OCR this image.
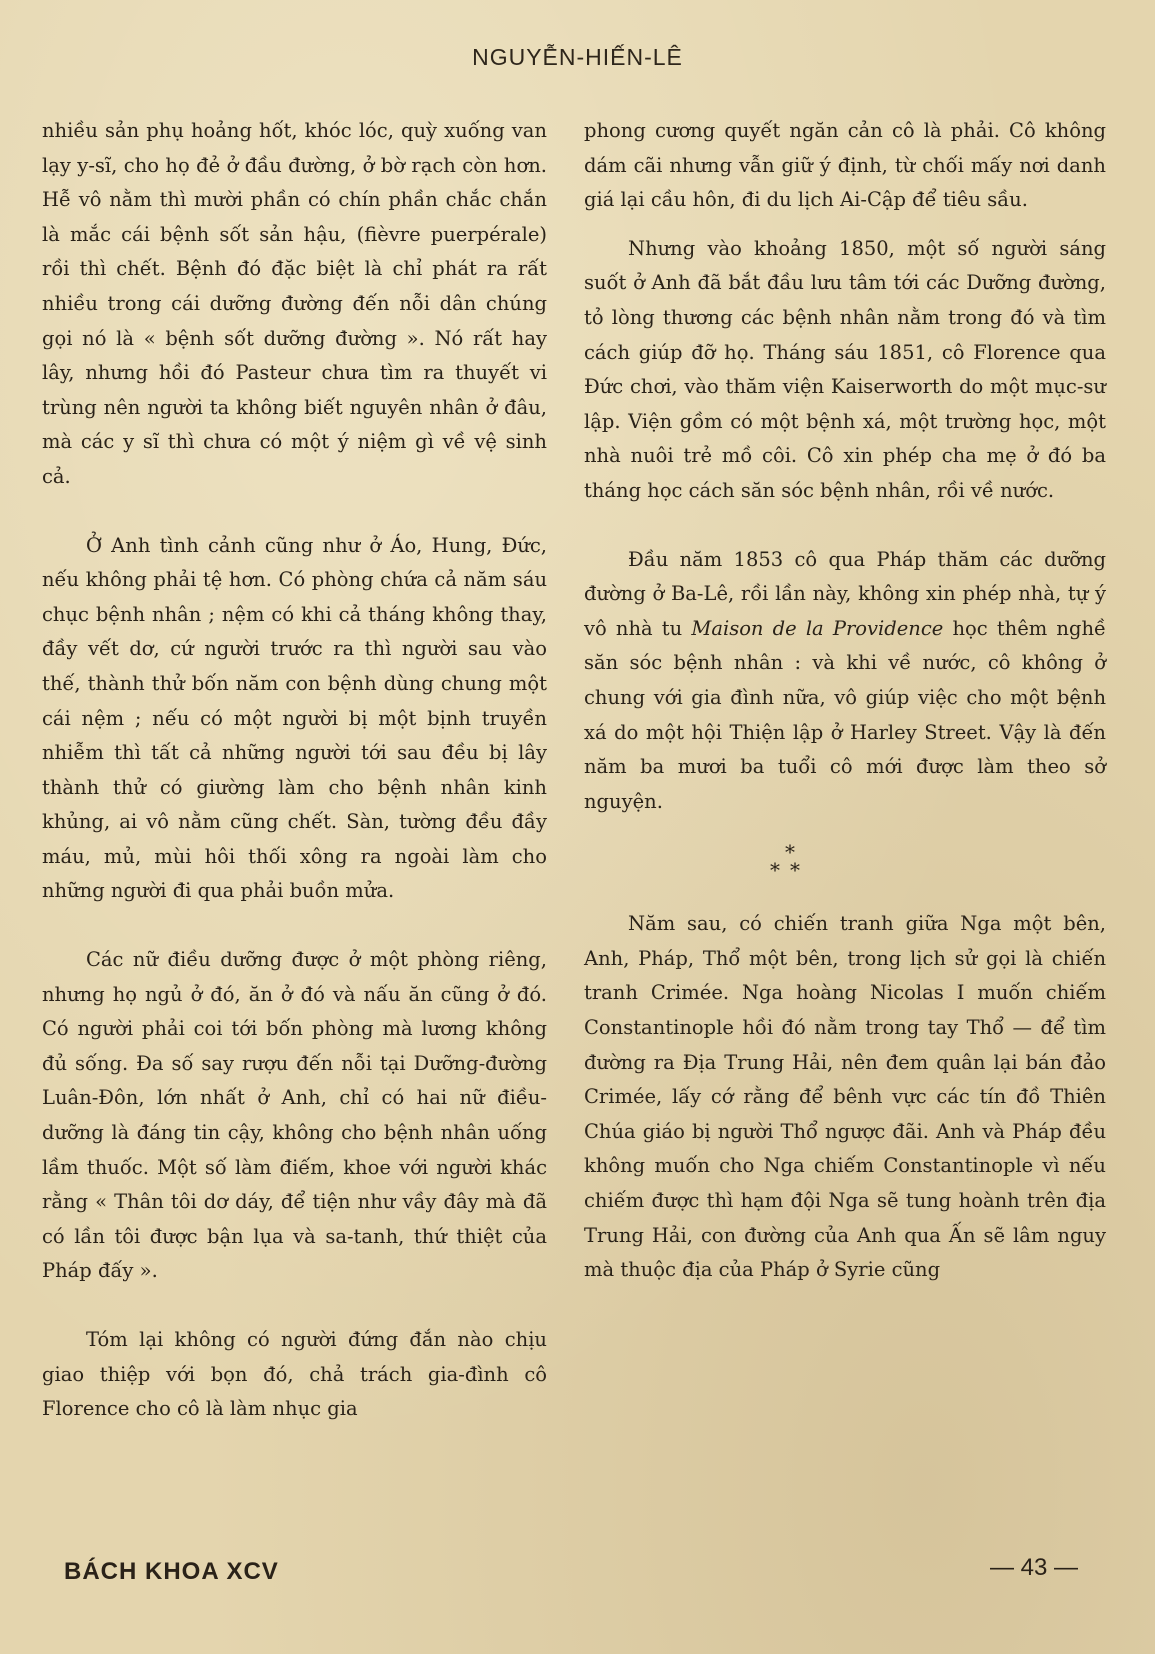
NGUYỄN-HIẾN-LÊ

nhiều sản phụ hoảng hốt, khóc lóc, quỳ xuống van lạy y-sĩ, cho họ đẻ ở đầu đường, ở bờ rạch còn hơn. Hễ vô nằm thì mười phần có chín phần chắc chắn là mắc cái bệnh sốt sản hậu, (fièvre puerpérale) rồi thì chết. Bệnh đó đặc biệt là chỉ phát ra rất nhiều trong cái dưỡng đường đến nỗi dân chúng gọi nó là « bệnh sốt dưỡng đường ». Nó rất hay lây, nhưng hồi đó Pasteur chưa tìm ra thuyết vi trùng nên người ta không biết nguyên nhân ở đâu, mà các y sĩ thì chưa có một ý niệm gì về vệ sinh cả.

Ở Anh tình cảnh cũng như ở Áo, Hung, Đức, nếu không phải tệ hơn. Có phòng chứa cả năm sáu chục bệnh nhân ; nệm có khi cả tháng không thay, đầy vết dơ, cứ người trước ra thì người sau vào thế, thành thử bốn năm con bệnh dùng chung một cái nệm ; nếu có một người bị một bịnh truyền nhiễm thì tất cả những người tới sau đều bị lây thành thử có giường làm cho bệnh nhân kinh khủng, ai vô nằm cũng chết. Sàn, tường đều đầy máu, mủ, mùi hôi thối xông ra ngoài làm cho những người đi qua phải buồn mửa.

Các nữ điều dưỡng được ở một phòng riêng, nhưng họ ngủ ở đó, ăn ở đó và nấu ăn cũng ở đó. Có người phải coi tới bốn phòng mà lương không đủ sống. Đa số say rượu đến nỗi tại Dưỡng-đường Luân-Đôn, lớn nhất ở Anh, chỉ có hai nữ điều-dưỡng là đáng tin cậy, không cho bệnh nhân uống lầm thuốc. Một số làm điếm, khoe với người khác rằng « Thân tôi dơ dáy, để tiện như vầy đây mà đã có lần tôi được bận lụa và sa-tanh, thứ thiệt của Pháp đấy ».

Tóm lại không có người đứng đắn nào chịu giao thiệp với bọn đó, chả trách gia-đình cô Florence cho cô là làm nhục gia

phong cương quyết ngăn cản cô là phải. Cô không dám cãi nhưng vẫn giữ ý định, từ chối mấy nơi danh giá lại cầu hôn, đi du lịch Ai-Cập để tiêu sầu.

Nhưng vào khoảng 1850, một số người sáng suốt ở Anh đã bắt đầu lưu tâm tới các Dưỡng đường, tỏ lòng thương các bệnh nhân nằm trong đó và tìm cách giúp đỡ họ. Tháng sáu 1851, cô Florence qua Đức chơi, vào thăm viện Kaiserworth do một mục-sư lập. Viện gồm có một bệnh xá, một trường học, một nhà nuôi trẻ mồ côi. Cô xin phép cha mẹ ở đó ba tháng học cách săn sóc bệnh nhân, rồi về nước.

Đầu năm 1853 cô qua Pháp thăm các dưỡng đường ở Ba-Lê, rồi lần này, không xin phép nhà, tự ý vô nhà tu Maison de la Providence học thêm nghề săn sóc bệnh nhân : và khi về nước, cô không ở chung với gia đình nữa, vô giúp việc cho một bệnh xá do một hội Thiện lập ở Harley Street. Vậy là đến năm ba mươi ba tuổi cô mới được làm theo sở nguyện.

*
**

Năm sau, có chiến tranh giữa Nga một bên, Anh, Pháp, Thổ một bên, trong lịch sử gọi là chiến tranh Crimée. Nga hoàng Nicolas I muốn chiếm Constantinople hồi đó nằm trong tay Thổ — để tìm đường ra Địa Trung Hải, nên đem quân lại bán đảo Crimée, lấy cớ rằng để bênh vực các tín đồ Thiên Chúa giáo bị người Thổ ngược đãi. Anh và Pháp đều không muốn cho Nga chiếm Constantinople vì nếu chiếm được thì hạm đội Nga sẽ tung hoành trên địa Trung Hải, con đường của Anh qua Ấn sẽ lâm nguy mà thuộc địa của Pháp ở Syrie cũng

BÁCH KHOA XCV	— 43 —
